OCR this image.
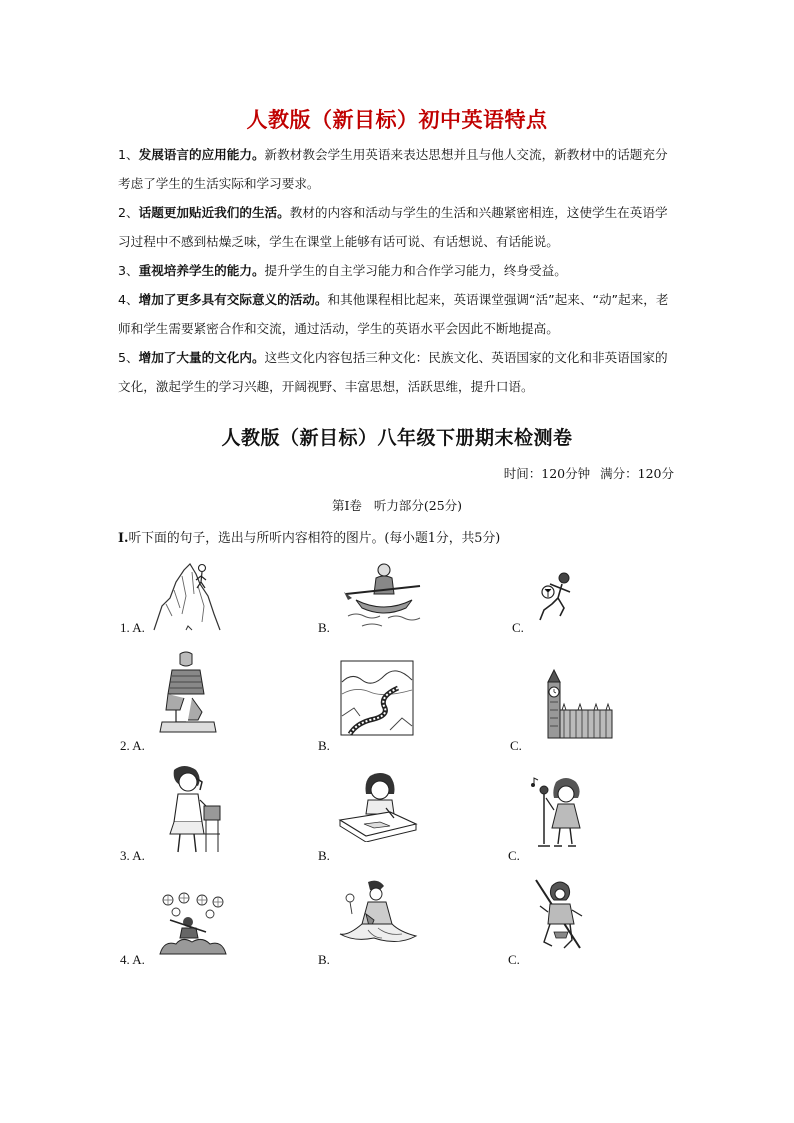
人教版（新目标）初中英语特点
1、发展语言的应用能力。新教材教会学生用英语来表达思想并且与他人交流，新教材中的话题充分考虑了学生的生活实际和学习要求。
2、话题更加贴近我们的生活。教材的内容和活动与学生的生活和兴趣紧密相连，这使学生在英语学习过程中不感到枯燥乏味，学生在课堂上能够有话可说、有话想说、有话能说。
3、重视培养学生的能力。提升学生的自主学习能力和合作学习能力，终身受益。
4、增加了更多具有交际意义的活动。和其他课程相比起来，英语课堂强调“活”起来、“动”起来，老师和学生需要紧密合作和交流，通过活动，学生的英语水平会因此不断地提高。
5、增加了大量的文化内。这些文化内容包括三种文化：民族文化、英语国家的文化和非英语国家的文化，激起学生的学习兴趣，开阔视野、丰富思想，活跃思维，提升口语。
人教版（新目标）八年级下册期末检测卷
时间：120分钟 满分：120分
第Ⅰ卷 听力部分(25分)
Ⅰ.听下面的句子，选出与所听内容相符的图片。(每小题1分，共5分)
1. A.	B.	C.
2. A.	B.	C.
3. A.	B.	C.
4. A.	B.	C.
